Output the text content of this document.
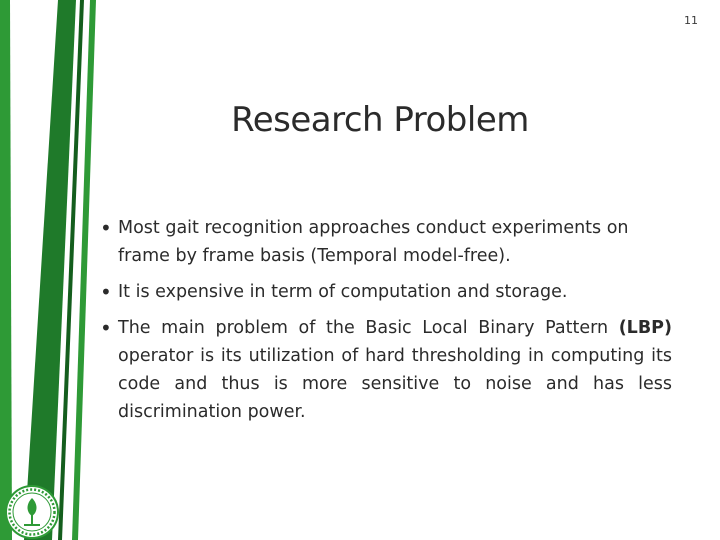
11
Research Problem
• Most gait recognition approaches conduct experiments on frame by frame basis (Temporal model-free).
• It is expensive in term of computation and storage.
• The main problem of the Basic Local Binary Pattern (LBP) operator is its utilization of hard thresholding in computing its code and thus is more sensitive to noise and has less discrimination power.
